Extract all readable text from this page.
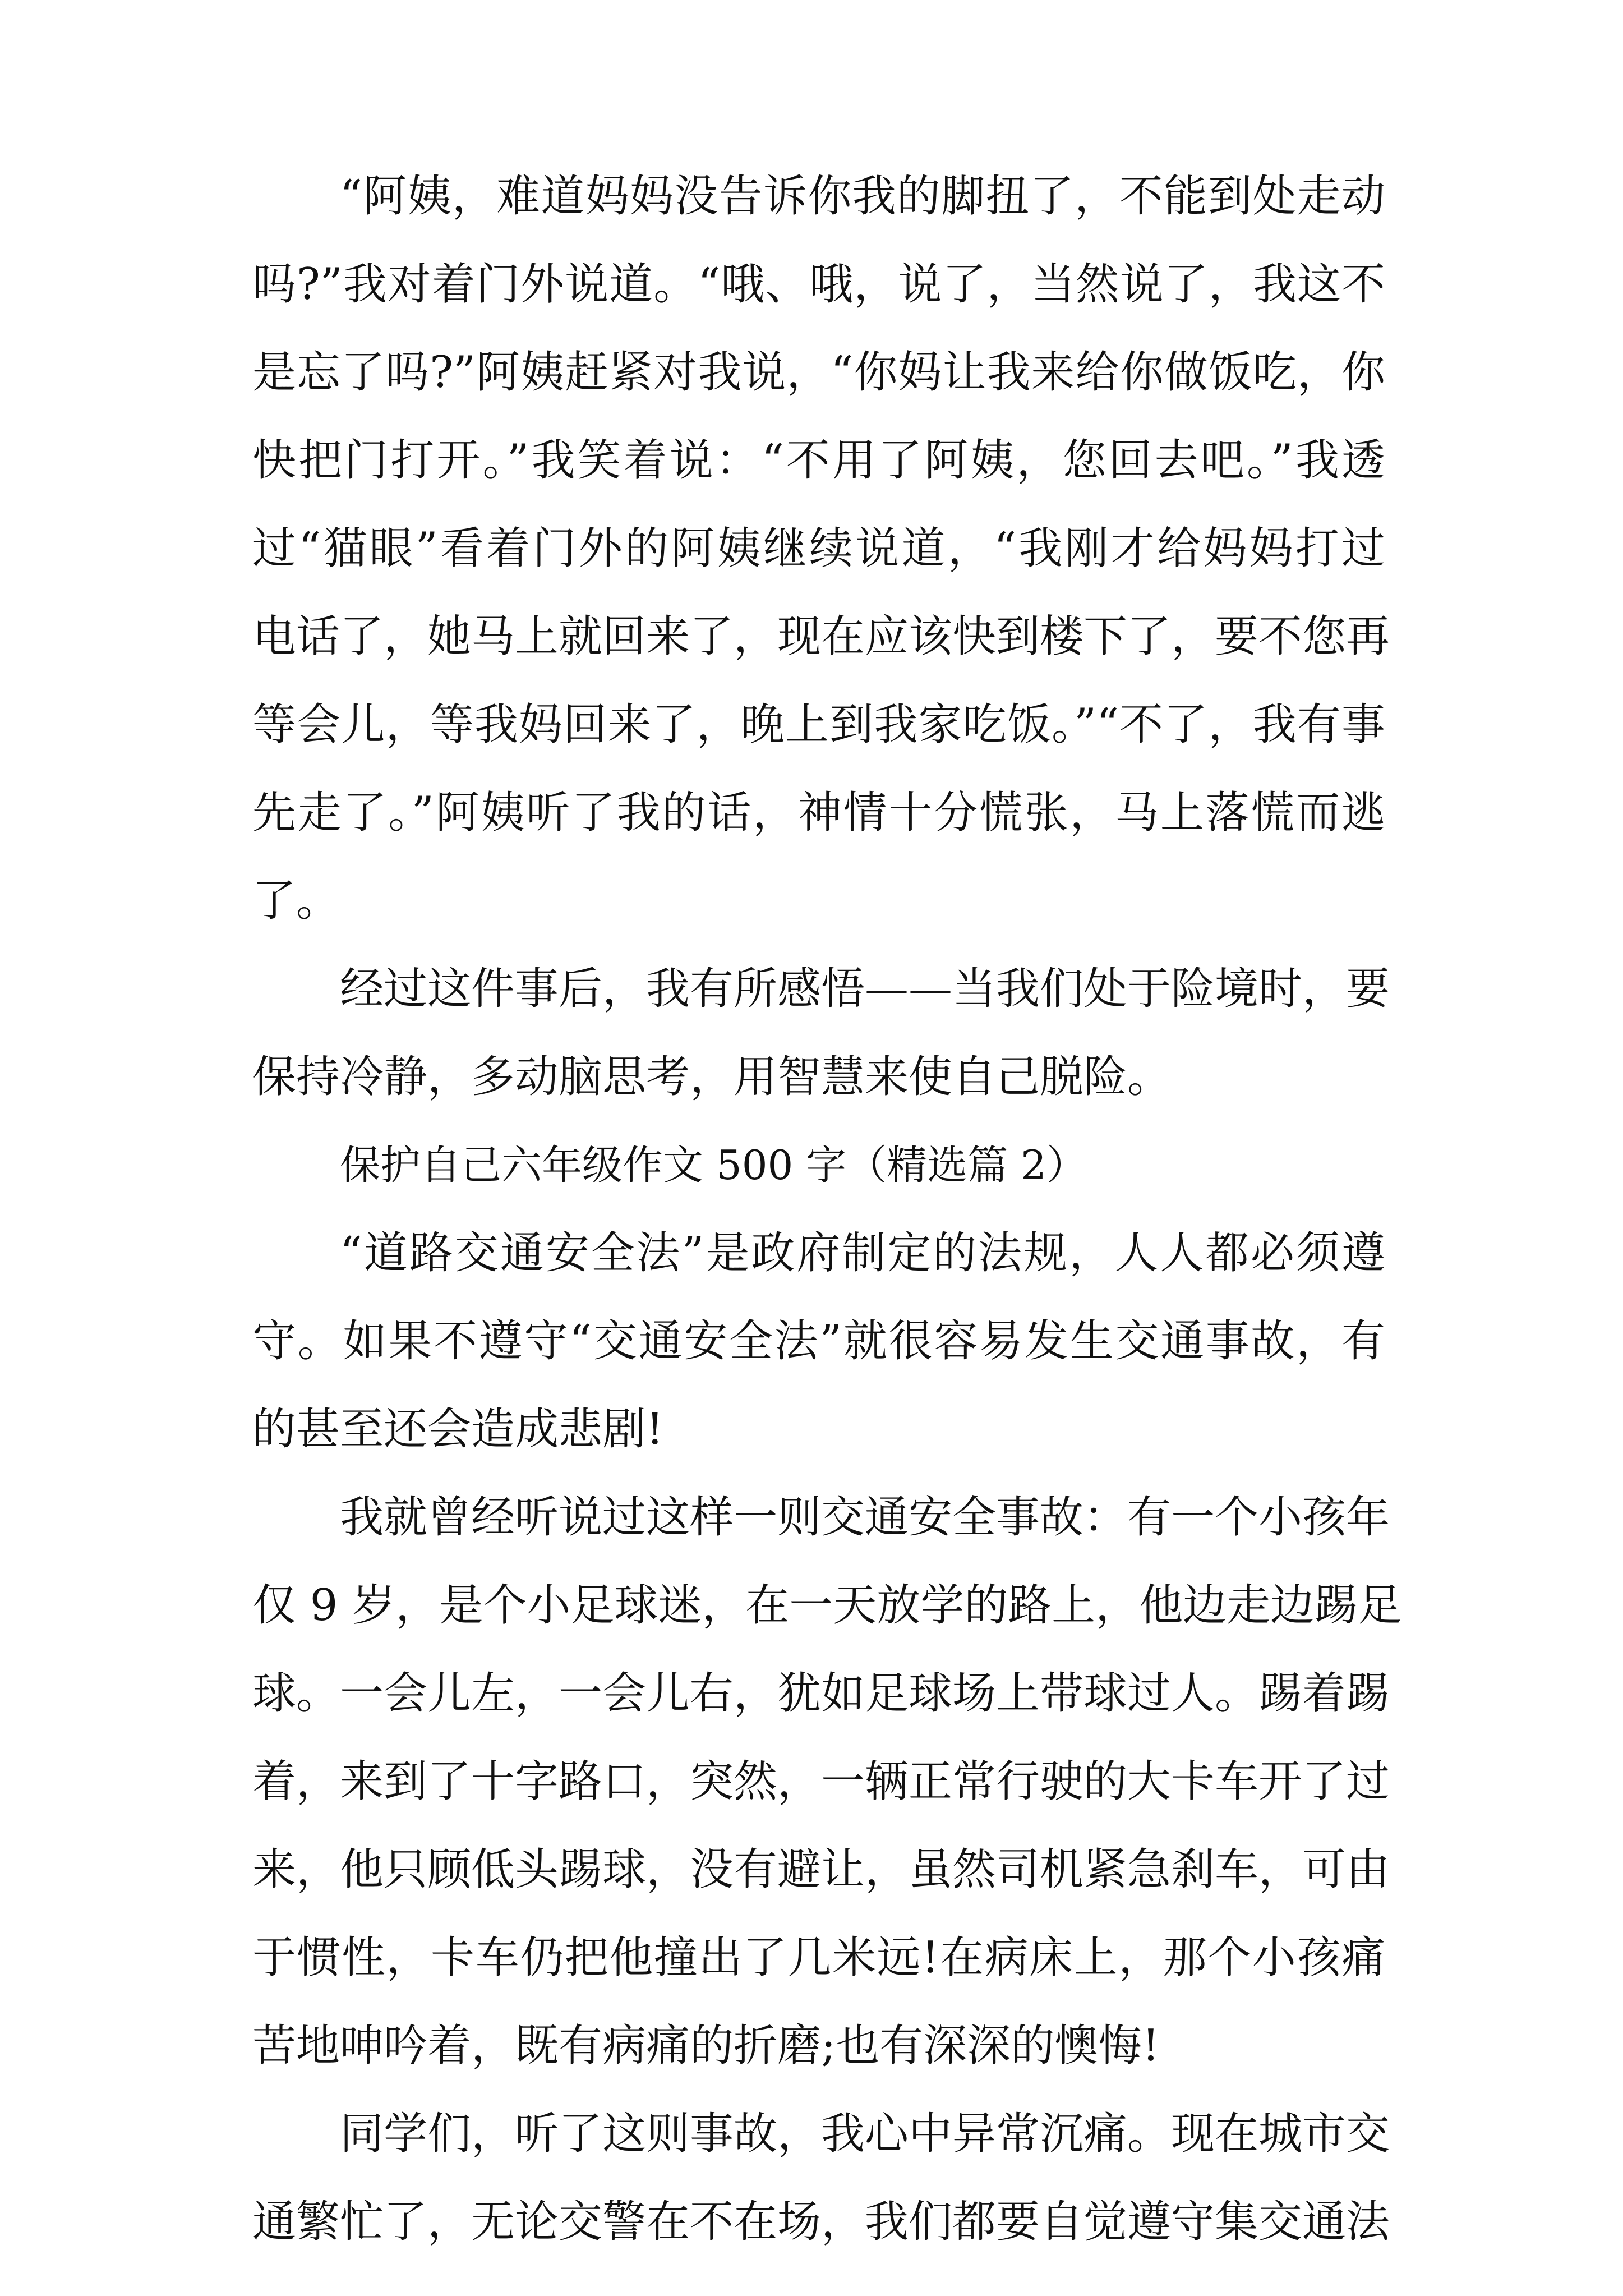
“阿姨，难道妈妈没告诉你我的脚扭了，不能到处走动
吗?”我对着门外说道。“哦、哦，说了，当然说了，我这不
是忘了吗?”阿姨赶紧对我说，“你妈让我来给你做饭吃，你
快把门打开。”我笑着说：“不用了阿姨，您回去吧。”我透
过“猫眼”看着门外的阿姨继续说道，“我刚才给妈妈打过
电话了，她马上就回来了，现在应该快到楼下了，要不您再
等会儿，等我妈回来了，晚上到我家吃饭。”“不了，我有事
先走了。”阿姨听了我的话，神情十分慌张，马上落慌而逃
了。
经过这件事后，我有所感悟——当我们处于险境时，要
保持冷静，多动脑思考，用智慧来使自己脱险。
保护自己六年级作文 500 字（精选篇 2）
“道路交通安全法”是政府制定的法规，人人都必须遵
守。如果不遵守“交通安全法”就很容易发生交通事故，有
的甚至还会造成悲剧!
我就曾经听说过这样一则交通安全事故：有一个小孩年
仅 9 岁，是个小足球迷，在一天放学的路上，他边走边踢足
球。一会儿左，一会儿右，犹如足球场上带球过人。踢着踢
着，来到了十字路口，突然，一辆正常行驶的大卡车开了过
来，他只顾低头踢球，没有避让，虽然司机紧急刹车，可由
于惯性，卡车仍把他撞出了几米远!在病床上，那个小孩痛
苦地呻吟着，既有病痛的折磨;也有深深的懊悔!
同学们，听了这则事故，我心中异常沉痛。现在城市交
通繁忙了，无论交警在不在场，我们都要自觉遵守集交通法
